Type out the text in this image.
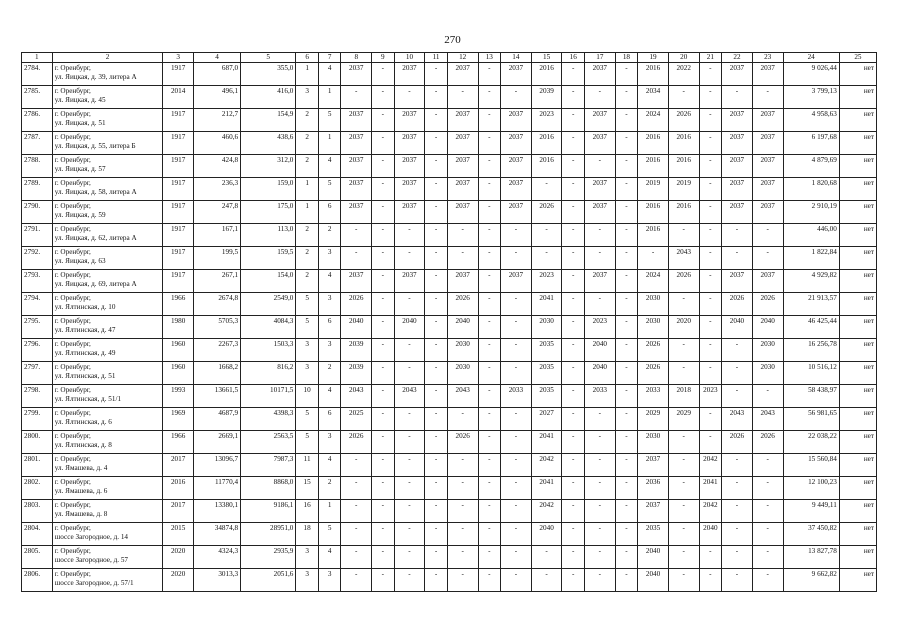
270
1	2	3	4	5	6	7	8	9	10	11	12	13	14	15	16	17	18	19	20	21	22	23	24	25
2784.	г. Оренбург,
ул. Яицкая, д. 39, литера А	1917	687,0	355,0	1	4	2037	-	2037	-	2037	-	2037	2016	-	2037	-	2016	2022	-	2037	2037	9 026,44	нет
2785.	г. Оренбург,
ул. Яицкая, д. 45	2014	496,1	416,0	3	1	-	-	-	-	-	-	-	2039	-	-	-	2034	-	-	-	-	3 799,13	нет
2786.	г. Оренбург,
ул. Яицкая, д. 51	1917	212,7	154,9	2	5	2037	-	2037	-	2037	-	2037	2023	-	2037	-	2024	2026	-	2037	2037	4 958,63	нет
2787.	г. Оренбург,
ул. Яицкая, д. 55, литера Б	1917	460,6	438,6	2	1	2037	-	2037	-	2037	-	2037	2016	-	2037	-	2016	2016	-	2037	2037	6 197,68	нет
2788.	г. Оренбург,
ул. Яицкая, д. 57	1917	424,8	312,0	2	4	2037	-	2037	-	2037	-	2037	2016	-	-	-	2016	2016	-	2037	2037	4 879,69	нет
2789.	г. Оренбург,
ул. Яицкая, д. 58, литера А	1917	236,3	159,0	1	5	2037	-	2037	-	2037	-	2037	-	-	2037	-	2019	2019	-	2037	2037	1 820,68	нет
2790.	г. Оренбург,
ул. Яицкая, д. 59	1917	247,8	175,0	1	6	2037	-	2037	-	2037	-	2037	2026	-	2037	-	2016	2016	-	2037	2037	2 910,19	нет
2791.	г. Оренбург,
ул. Яицкая, д. 62, литера А	1917	167,1	113,0	2	2	-	-	-	-	-	-	-	-	-	-	-	2016	-	-	-	-	446,00	нет
2792.	г. Оренбург,
ул. Яицкая, д. 63	1917	199,5	159,5	2	3	-	-	-	-	-	-	-	-	-	-	-	-	2043	-	-	-	1 822,84	нет
2793.	г. Оренбург,
ул. Яицкая, д. 69, литера А	1917	267,1	154,0	2	4	2037	-	2037	-	2037	-	2037	2023	-	2037	-	2024	2026	-	2037	2037	4 929,82	нет
2794.	г. Оренбург,
ул. Ялтинская, д. 10	1966	2674,8	2549,0	5	3	2026	-	-	-	2026	-	-	2041	-	-	-	2030	-	-	2026	2026	21 913,57	нет
2795.	г. Оренбург,
ул. Ялтинская, д. 47	1980	5705,3	4084,3	5	6	2040	-	2040	-	2040	-	-	2030	-	2023	-	2030	2020	-	2040	2040	46 425,44	нет
2796.	г. Оренбург,
ул. Ялтинская, д. 49	1960	2267,3	1503,3	3	3	2039	-	-	-	2030	-	-	2035	-	2040	-	2026	-	-	-	2030	16 256,78	нет
2797.	г. Оренбург,
ул. Ялтинская, д. 51	1960	1668,2	816,2	3	2	2039	-	-	-	2030	-	-	2035	-	2040	-	2026	-	-	-	2030	10 516,12	нет
2798.	г. Оренбург,
ул. Ялтинская, д. 51/1	1993	13661,5	10171,5	10	4	2043	-	2043	-	2043	-	2033	2035	-	2033	-	2033	2018	2023	-	-	58 438,97	нет
2799.	г. Оренбург,
ул. Ялтинская, д. 6	1969	4687,9	4398,3	5	6	2025	-	-	-	-	-	-	2027	-	-	-	2029	2029	-	2043	2043	56 981,65	нет
2800.	г. Оренбург,
ул. Ялтинская, д. 8	1966	2669,1	2563,5	5	3	2026	-	-	-	2026	-	-	2041	-	-	-	2030	-	-	2026	2026	22 038,22	нет
2801.	г. Оренбург,
ул. Ямашева, д. 4	2017	13096,7	7987,3	11	4	-	-	-	-	-	-	-	2042	-	-	-	2037	-	2042	-	-	15 560,84	нет
2802.	г. Оренбург,
ул. Ямашева, д. 6	2016	11770,4	8868,0	15	2	-	-	-	-	-	-	-	2041	-	-	-	2036	-	2041	-	-	12 100,23	нет
2803.	г. Оренбург,
ул. Ямашева, д. 8	2017	13380,1	9186,1	16	1	-	-	-	-	-	-	-	2042	-	-	-	2037	-	2042	-	-	9 449,11	нет
2804.	г. Оренбург,
шоссе Загородное, д. 14	2015	34874,8	28951,0	18	5	-	-	-	-	-	-	-	2040	-	-	-	2035	-	2040	-	-	37 450,82	нет
2805.	г. Оренбург,
шоссе Загородное, д. 57	2020	4324,3	2935,9	3	4	-	-	-	-	-	-	-	-	-	-	-	2040	-	-	-	-	13 827,78	нет
2806.	г. Оренбург,
шоссе Загородное, д. 57/1	2020	3013,3	2051,6	3	3	-	-	-	-	-	-	-	-	-	-	-	2040	-	-	-	-	9 662,82	нет
